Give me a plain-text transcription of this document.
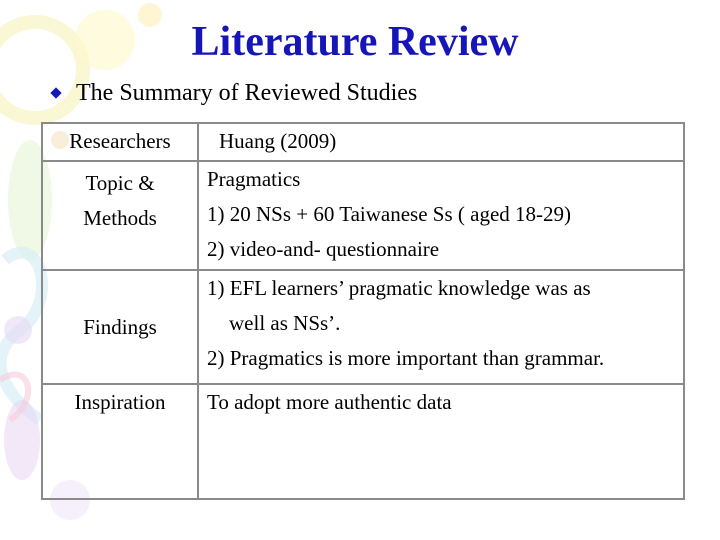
Literature Review
The Summary of Reviewed Studies
Researchers	Huang (2009)

Topic &
Methods	Pragmatics
1) 20 NSs + 60 Taiwanese Ss ( aged 18-29)
2) video-and- questionnaire

Findings	1) EFL learners’ pragmatic knowledge was as
well as NSs’.
2) Pragmatics is more important than grammar.

Inspiration	To adopt more authentic data
